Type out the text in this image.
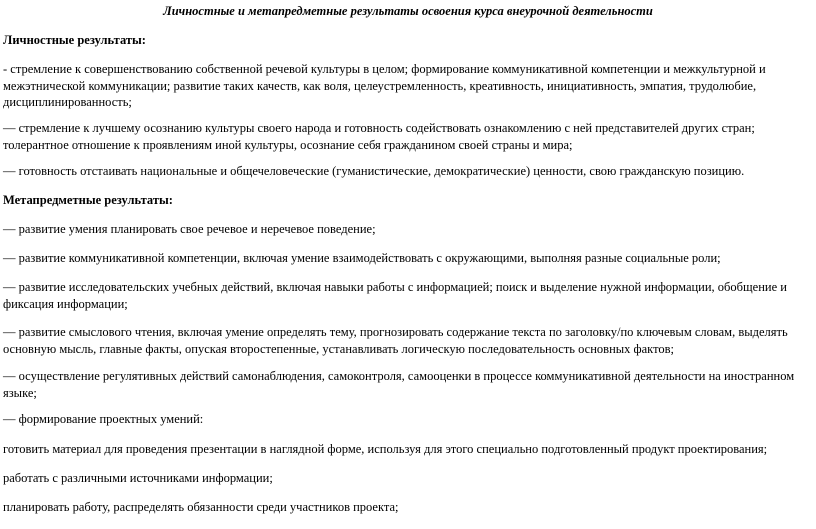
Личностные и метапредметные результаты освоения курса внеурочной деятельности
Личностные результаты:
- стремление к совершенствованию собственной речевой культуры в целом; формирование коммуникативной компетенции и межкультурной и межэтнической коммуникации; развитие таких качеств, как воля, целеустремленность, креативность, инициативность, эмпатия, трудолюбие, дисциплинированность;
— стремление к лучшему осознанию культуры своего народа и готовность содействовать ознакомлению с ней представителей других стран; толерантное отношение к проявлениям иной культуры, осознание себя гражданином своей страны и мира;
— готовность отстаивать национальные и общечеловеческие (гуманистические, демократические) ценности, свою гражданскую позицию.
Метапредметные результаты:
— развитие умения планировать свое речевое и неречевое поведение;
— развитие коммуникативной компетенции, включая умение взаимодействовать с окружающими, выполняя разные социальные роли;
— развитие исследовательских учебных действий, включая навыки работы с информацией; поиск и выделение нужной информации, обобщение и фиксация информации;
— развитие смыслового чтения, включая умение определять тему, прогнозировать содержание текста по заголовку/по ключевым словам, выделять основную мысль, главные факты, опуская второстепенные, устанавливать логическую последовательность основных фактов;
— осуществление регулятивных действий самонаблюдения, самоконтроля, самооценки в процессе коммуникативной деятельности на иностранном языке;
— формирование проектных умений:
готовить материал для проведения презентации в наглядной форме, используя для этого специально подготовленный продукт проектирования;
работать с различными источниками информации;
планировать работу, распределять обязанности среди участников проекта;
